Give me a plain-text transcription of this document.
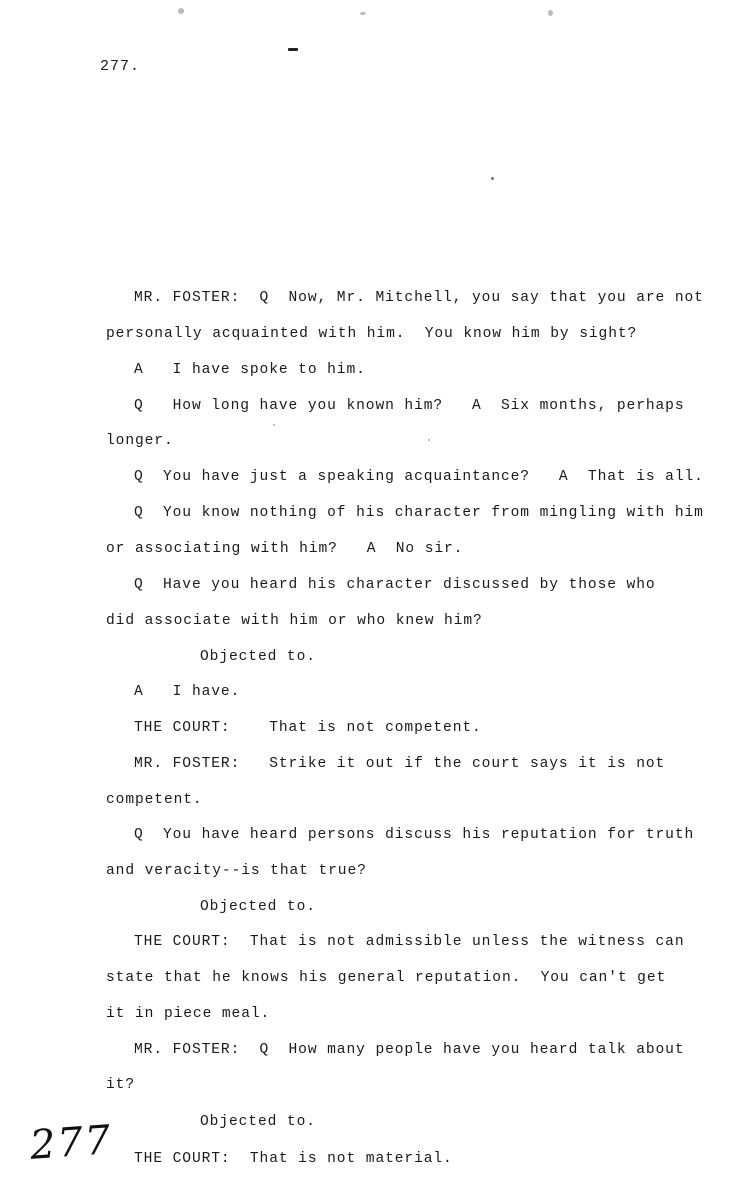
277.
MR. FOSTER:  Q  Now, Mr. Mitchell, you say that you are not
personally acquainted with him.  You know him by sight?
A   I have spoke to him.
Q   How long have you known him?   A  Six months, perhaps
longer.
Q  You have just a speaking acquaintance?   A  That is all.
Q  You know nothing of his character from mingling with him
or associating with him?   A  No sir.
Q  Have you heard his character discussed by those who
did associate with him or who knew him?
Objected to.
A   I have.
THE COURT:    That is not competent.
MR. FOSTER:   Strike it out if the court says it is not
competent.
Q  You have heard persons discuss his reputation for truth
and veracity--is that true?
Objected to.
THE COURT:  That is not admissible unless the witness can
state that he knows his general reputation.  You can't get
it in piece meal.
MR. FOSTER:  Q  How many people have you heard talk about
it?
Objected to.
THE COURT:  That is not material.
277
